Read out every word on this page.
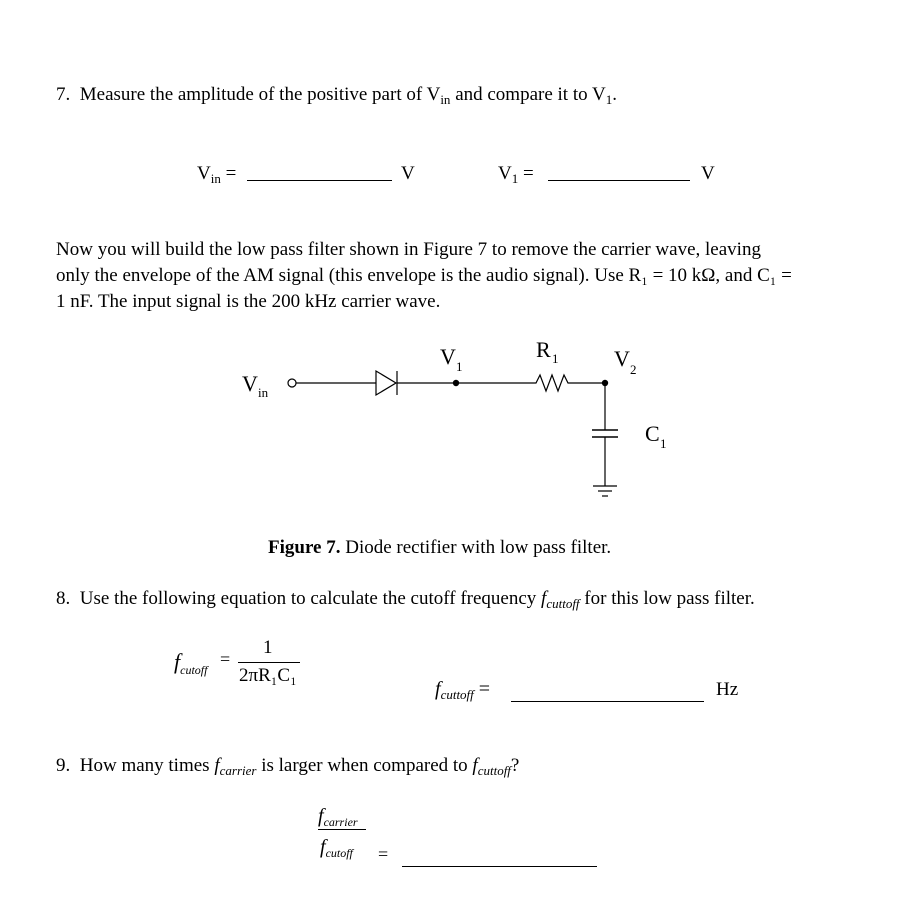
7. Measure the amplitude of the positive part of $V_{in}$ and compare it to $V_1$.
$V_{in}$ =	V	$V_1$ =	V
Now you will build the low pass filter shown in Figure 7 to remove the carrier wave, leaving
only the envelope of the AM signal (this envelope is the audio signal). Use R₁ = 10 kΩ, and C₁ =
1 nF. The input signal is the 200 kHz carrier wave.
V in
V 1
R 1	V 2
C 1
Figure 7. Diode rectifier with low pass filter.
8. Use the following equation to calculate the cutoff frequency $f_{cuttoff}$ for this low pass filter.
$f_{cutoff}$
=
1
2πR₁C₁
$f_{cuttoff}$ =	Hz
9. How many times $f_{carrier}$ is larger when compared to $f_{cuttoff}$?
$f_{carrier}$
$f_{cutoff}$ =
